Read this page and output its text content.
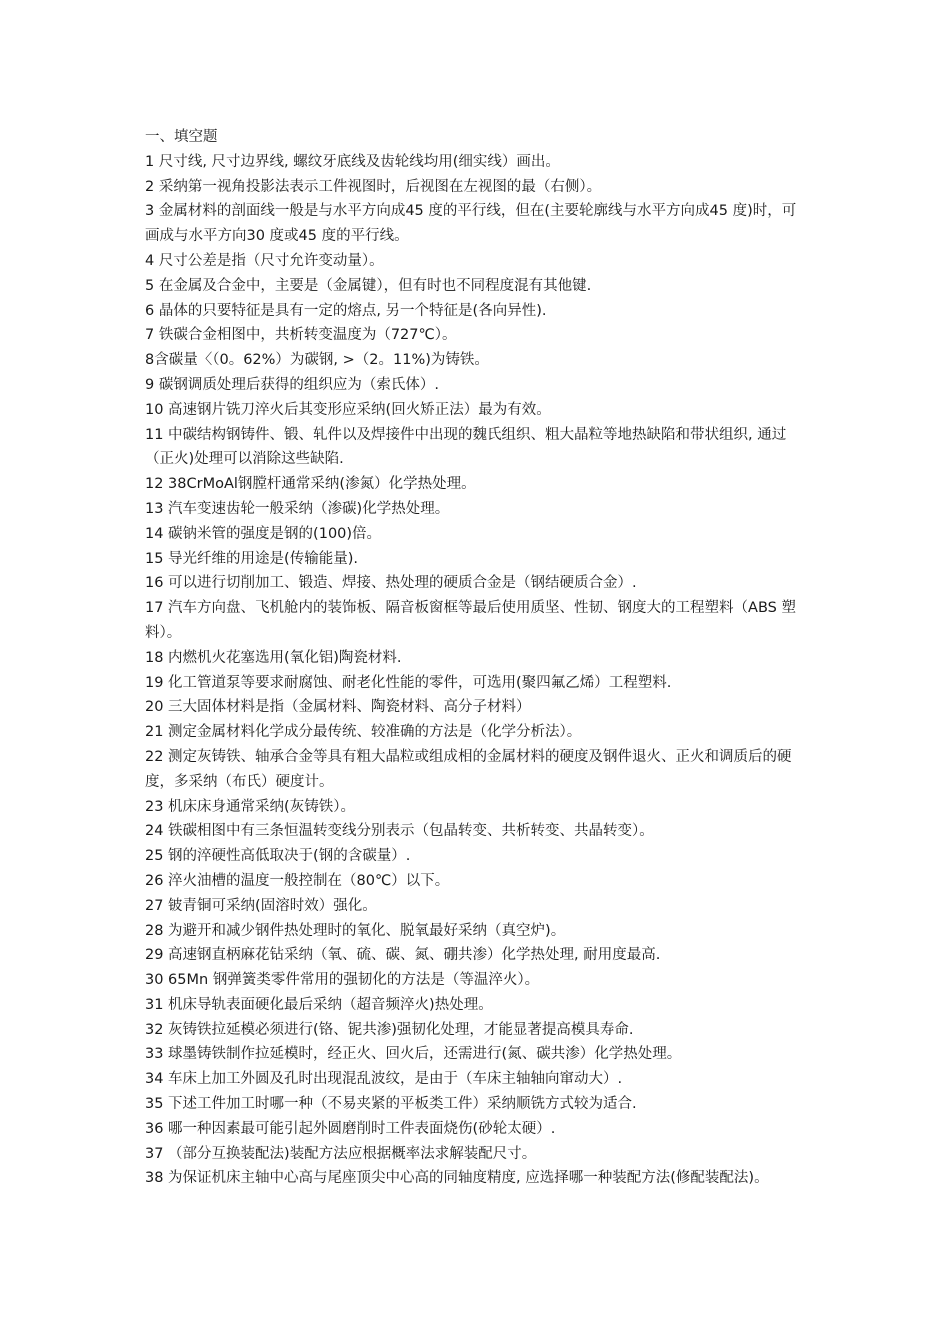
一、填空题
1 尺寸线, 尺寸边界线, 螺纹牙底线及齿轮线均用(细实线）画出。
2 采纳第一视角投影法表示工件视图时，后视图在左视图的最（右侧）。
3 金属材料的剖面线一般是与水平方向成45 度的平行线，但在(主要轮廓线与水平方向成45 度)时，可画成与水平方向30 度或45 度的平行线。
4 尺寸公差是指（尺寸允许变动量）。
5 在金属及合金中，主要是（金属键），但有时也不同程度混有其他键.
6 晶体的只要特征是具有一定的熔点, 另一个特征是(各向异性).
7 铁碳合金相图中，共析转变温度为（727℃）。
8含碳量〈（0。62%）为碳钢, >（2。11%)为铸铁。
9 碳钢调质处理后获得的组织应为（索氏体）.
10 高速钢片铣刀淬火后其变形应采纳(回火矫正法）最为有效。
11 中碳结构钢铸件、锻、轧件以及焊接件中出现的魏氏组织、粗大晶粒等地热缺陷和带状组织, 通过（正火)处理可以消除这些缺陷.
12 38CrMoAl钢膛杆通常采纳(渗氮）化学热处理。
13 汽车变速齿轮一般采纳（渗碳)化学热处理。
14 碳钠米管的强度是钢的(100)倍。
15 导光纤维的用途是(传输能量).
16 可以进行切削加工、锻造、焊接、热处理的硬质合金是（钢结硬质合金）.
17 汽车方向盘、飞机舱内的装饰板、隔音板窗框等最后使用质坚、性韧、钢度大的工程塑料（ABS 塑料）。
18 内燃机火花塞选用(氧化铝)陶瓷材料.
19 化工管道泵等要求耐腐蚀、耐老化性能的零件，可选用(聚四氟乙烯）工程塑料.
20 三大固体材料是指（金属材料、陶瓷材料、高分子材料）
21 测定金属材料化学成分最传统、较准确的方法是（化学分析法）。
22 测定灰铸铁、轴承合金等具有粗大晶粒或组成相的金属材料的硬度及钢件退火、正火和调质后的硬度，多采纳（布氏）硬度计。
23 机床床身通常采纳(灰铸铁）。
24 铁碳相图中有三条恒温转变线分别表示（包晶转变、共析转变、共晶转变）。
25 钢的淬硬性高低取决于(钢的含碳量）.
26 淬火油槽的温度一般控制在（80℃）以下。
27 铍青铜可采纳(固溶时效）强化。
28 为避开和减少钢件热处理时的氧化、脱氧最好采纳（真空炉)。
29 高速钢直柄麻花钻采纳（氧、硫、碳、氮、硼共渗）化学热处理, 耐用度最高.
30 65Mn 钢弹簧类零件常用的强韧化的方法是（等温淬火）。
31 机床导轨表面硬化最后采纳（超音频淬火)热处理。
32 灰铸铁拉延模必须进行(铬、铌共渗)强韧化处理，才能显著提高模具寿命.
33 球墨铸铁制作拉延模时，经正火、回火后，还需进行(氮、碳共渗）化学热处理。
34 车床上加工外圆及孔时出现混乱波纹，是由于（车床主轴轴向窜动大）.
35 下述工件加工时哪一种（不易夹紧的平板类工件）采纳顺铣方式较为适合.
36 哪一种因素最可能引起外圆磨削时工件表面烧伤(砂轮太硬）.
37 （部分互换装配法)装配方法应根据概率法求解装配尺寸。
38 为保证机床主轴中心高与尾座顶尖中心高的同轴度精度, 应选择哪一种装配方法(修配装配法)。
